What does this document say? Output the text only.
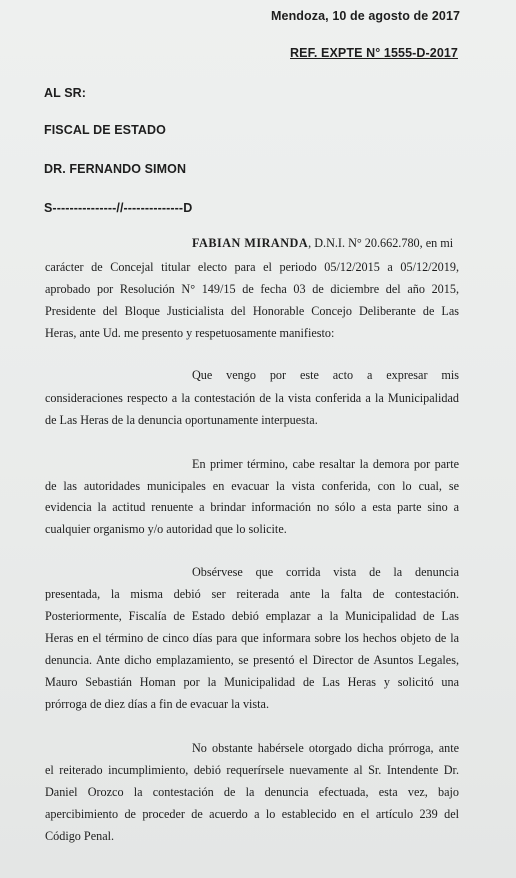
Mendoza, 10 de agosto de 2017
REF. EXPTE N° 1555-D-2017
AL SR:
FISCAL DE ESTADO
DR. FERNANDO SIMON
S---------------//--------------D
FABIAN MIRANDA, D.N.I. N° 20.662.780, en mi
carácter de Concejal titular electo para el periodo 05/12/2015 a 05/12/2019,
aprobado por Resolución N° 149/15 de fecha 03 de diciembre del año 2015,
Presidente del Bloque Justicialista del Honorable Concejo Deliberante de Las
Heras, ante Ud. me presento y respetuosamente manifiesto:
Que vengo por este acto a expresar mis
consideraciones respecto a la contestación de la vista conferida a la Municipalidad
de Las Heras de la denuncia oportunamente interpuesta.
En primer término, cabe resaltar la demora por parte
de las autoridades municipales en evacuar la vista conferida, con lo cual, se
evidencia la actitud renuente a brindar información no sólo a esta parte sino a
cualquier organismo y/o autoridad que lo solicite.
Obsérvese que corrida vista de la denuncia
presentada, la misma debió ser reiterada ante la falta de contestación.
Posteriormente, Fiscalía de Estado debió emplazar a la Municipalidad de Las
Heras en el término de cinco días para que informara sobre los hechos objeto de la
denuncia. Ante dicho emplazamiento, se presentó el Director de Asuntos Legales,
Mauro Sebastián Homan por la Municipalidad de Las Heras y solicitó una
prórroga de diez días a fin de evacuar la vista.
No obstante habérsele otorgado dicha prórroga, ante
el reiterado incumplimiento, debió requerírsele nuevamente al Sr. Intendente Dr.
Daniel Orozco la contestación de la denuncia efectuada, esta vez, bajo
apercibimiento de proceder de acuerdo a lo establecido en el artículo 239 del
Código Penal.
